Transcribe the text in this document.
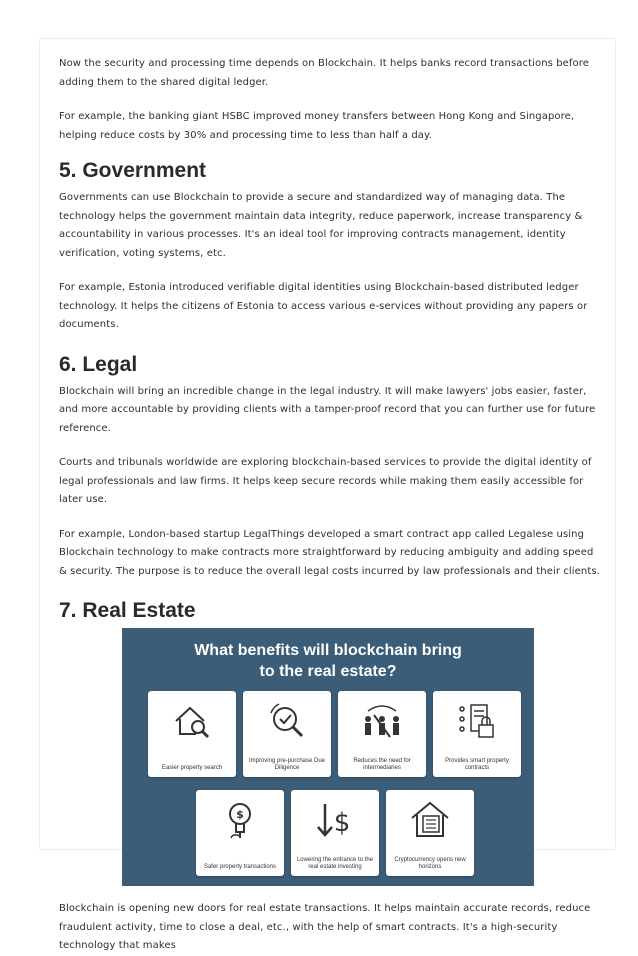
Now the security and processing time depends on Blockchain. It helps banks record transactions before adding them to the shared digital ledger.

For example, the banking giant HSBC improved money transfers between Hong Kong and Singapore, helping reduce costs by 30% and processing time to less than half a day.

5. Government

Governments can use Blockchain to provide a secure and standardized way of managing data. The technology helps the government maintain data integrity, reduce paperwork, increase transparency & accountability in various processes. It's an ideal tool for improving contracts management, identity verification, voting systems, etc.

For example, Estonia introduced verifiable digital identities using Blockchain-based distributed ledger technology. It helps the citizens of Estonia to access various e-services without providing any papers or documents.

6. Legal

Blockchain will bring an incredible change in the legal industry. It will make lawyers' jobs easier, faster, and more accountable by providing clients with a tamper-proof record that you can further use for future reference.

Courts and tribunals worldwide are exploring blockchain-based services to provide the digital identity of legal professionals and law firms. It helps keep secure records while making them easily accessible for later use.

For example, London-based startup LegalThings developed a smart contract app called Legalese using Blockchain technology to make contracts more straightforward by reducing ambiguity and adding speed & security. The purpose is to reduce the overall legal costs incurred by law professionals and their clients.

7. Real Estate
What benefits will blockchain bring
to the real estate?
Easier property search
Improving pre-purchase Due Diligence
Reduces the need for intermediaries
Provides smart property contracts
$
Safer property transactions
$
Lowering the entrance to the real estate investing
Cryptocurrency opens new horizons

Blockchain is opening new doors for real estate transactions. It helps maintain accurate records, reduce fraudulent activity, time to close a deal, etc., with the help of smart contracts. It's a high-security technology that makes
